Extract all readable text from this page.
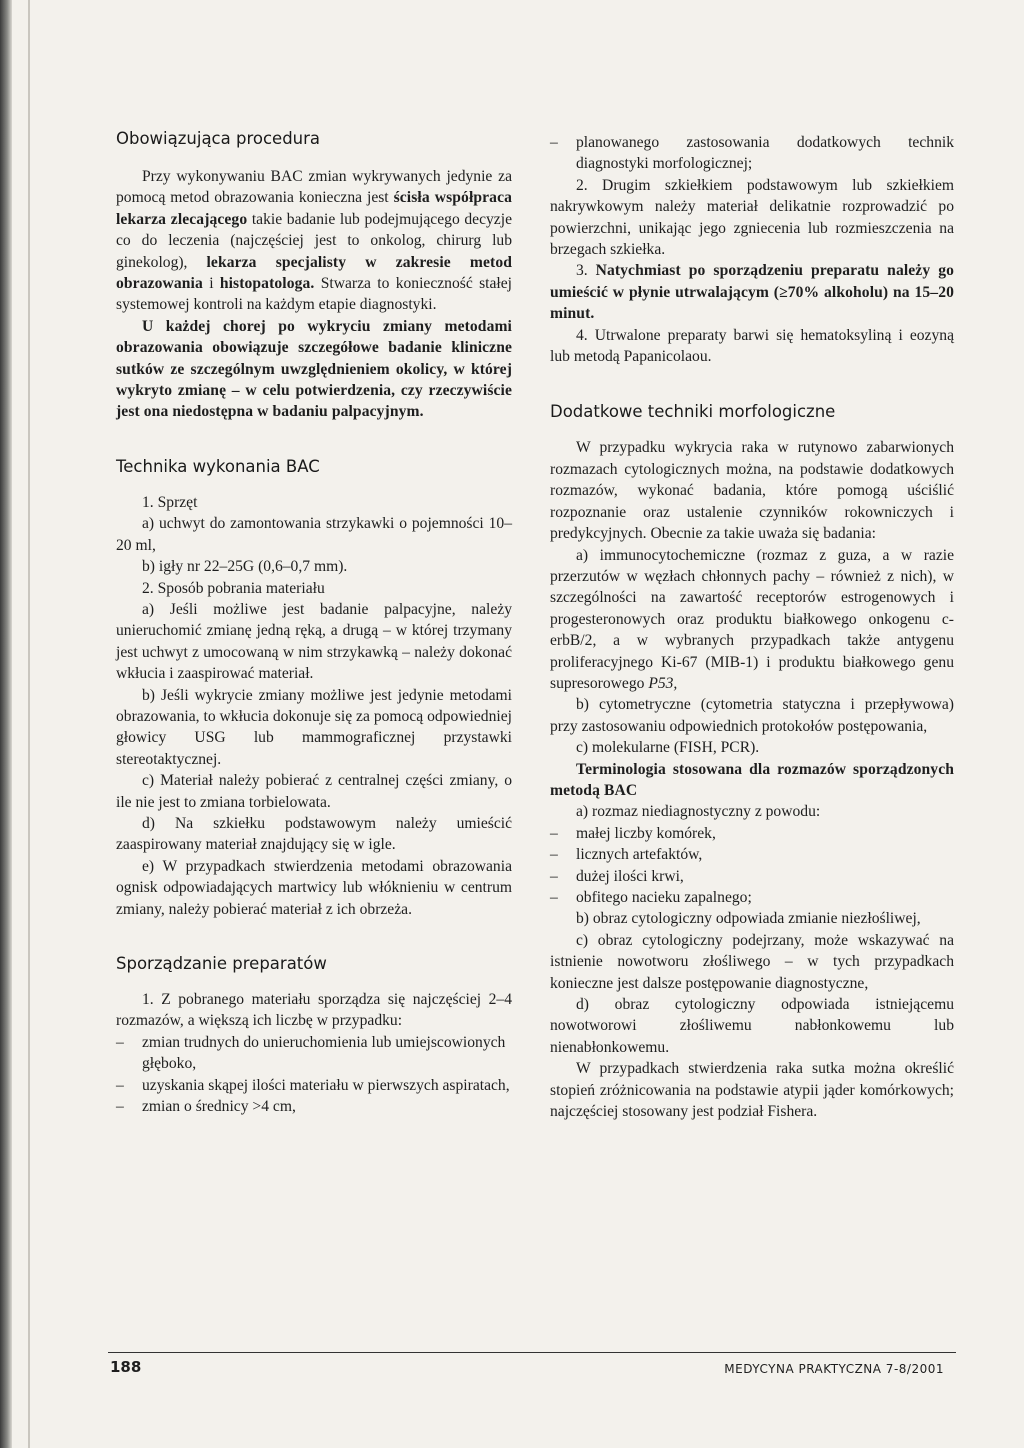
Obowiązująca procedura

Przy wykonywaniu BAC zmian wykrywanych jedynie za pomocą metod obrazowania konieczna jest ścisła współpraca lekarza zlecającego takie badanie lub podejmującego decyzje co do leczenia (najczęściej jest to onkolog, chirurg lub ginekolog), lekarza specjalisty w zakresie metod obrazowania i histopatologa. Stwarza to konieczność stałej systemowej kontroli na każdym etapie diagnostyki.

U każdej chorej po wykryciu zmiany metodami obrazowania obowiązuje szczegółowe badanie kliniczne sutków ze szczególnym uwzględnieniem okolicy, w której wykryto zmianę – w celu potwierdzenia, czy rzeczywiście jest ona niedostępna w badaniu palpacyjnym.

Technika wykonania BAC

1. Sprzęt

a) uchwyt do zamontowania strzykawki o pojemności 10–20 ml,

b) igły nr 22–25G (0,6–0,7 mm).

2. Sposób pobrania materiału

a) Jeśli możliwe jest badanie palpacyjne, należy unieruchomić zmianę jedną ręką, a drugą – w której trzymany jest uchwyt z umocowaną w nim strzykawką – należy dokonać wkłucia i zaaspirować materiał.

b) Jeśli wykrycie zmiany możliwe jest jedynie metodami obrazowania, to wkłucia dokonuje się za pomocą odpowiedniej głowicy USG lub mammograficznej przystawki stereotaktycznej.

c) Materiał należy pobierać z centralnej części zmiany, o ile nie jest to zmiana torbielowata.

d) Na szkiełku podstawowym należy umieścić zaaspirowany materiał znajdujący się w igle.

e) W przypadkach stwierdzenia metodami obrazowania ognisk odpowiadających martwicy lub włóknieniu w centrum zmiany, należy pobierać materiał z ich obrzeża.

Sporządzanie preparatów

1. Z pobranego materiału sporządza się najczęściej 2–4 rozmazów, a większą ich liczbę w przypadku:

– zmian trudnych do unieruchomienia lub umiejscowionych głęboko,

– uzyskania skąpej ilości materiału w pierwszych aspiratach,

– zmian o średnicy >4 cm,

– planowanego zastosowania dodatkowych technik diagnostyki morfologicznej;

2. Drugim szkiełkiem podstawowym lub szkiełkiem nakrywkowym należy materiał delikatnie rozprowadzić po powierzchni, unikając jego zgniecenia lub rozmieszczenia na brzegach szkiełka.

3. Natychmiast po sporządzeniu preparatu należy go umieścić w płynie utrwalającym (≥70% alkoholu) na 15–20 minut.

4. Utrwalone preparaty barwi się hematoksyliną i eozyną lub metodą Papanicolaou.

Dodatkowe techniki morfologiczne

W przypadku wykrycia raka w rutynowo zabarwionych rozmazach cytologicznych można, na podstawie dodatkowych rozmazów, wykonać badania, które pomogą uściślić rozpoznanie oraz ustalenie czynników rokowniczych i predykcyjnych. Obecnie za takie uważa się badania:

a) immunocytochemiczne (rozmaz z guza, a w razie przerzutów w węzłach chłonnych pachy – również z nich), w szczególności na zawartość receptorów estrogenowych i progesteronowych oraz produktu białkowego onkogenu c-erbB/2, a w wybranych przypadkach także antygenu proliferacyjnego Ki-67 (MIB-1) i produktu białkowego genu supresorowego P53,

b) cytometryczne (cytometria statyczna i przepływowa) przy zastosowaniu odpowiednich protokołów postępowania,

c) molekularne (FISH, PCR).

Terminologia stosowana dla rozmazów sporządzonych metodą BAC

a) rozmaz niediagnostyczny z powodu:

– małej liczby komórek,

– licznych artefaktów,

– dużej ilości krwi,

– obfitego nacieku zapalnego;

b) obraz cytologiczny odpowiada zmianie niezłośliwej,

c) obraz cytologiczny podejrzany, może wskazywać na istnienie nowotworu złośliwego – w tych przypadkach konieczne jest dalsze postępowanie diagnostyczne,

d) obraz cytologiczny odpowiada istniejącemu nowotworowi złośliwemu nabłonkowemu lub nienabłonkowemu.

W przypadkach stwierdzenia raka sutka można określić stopień zróżnicowania na podstawie atypii jąder komórkowych; najczęściej stosowany jest podział Fishera.

188	MEDYCYNA PRAKTYCZNA 7-8/2001
